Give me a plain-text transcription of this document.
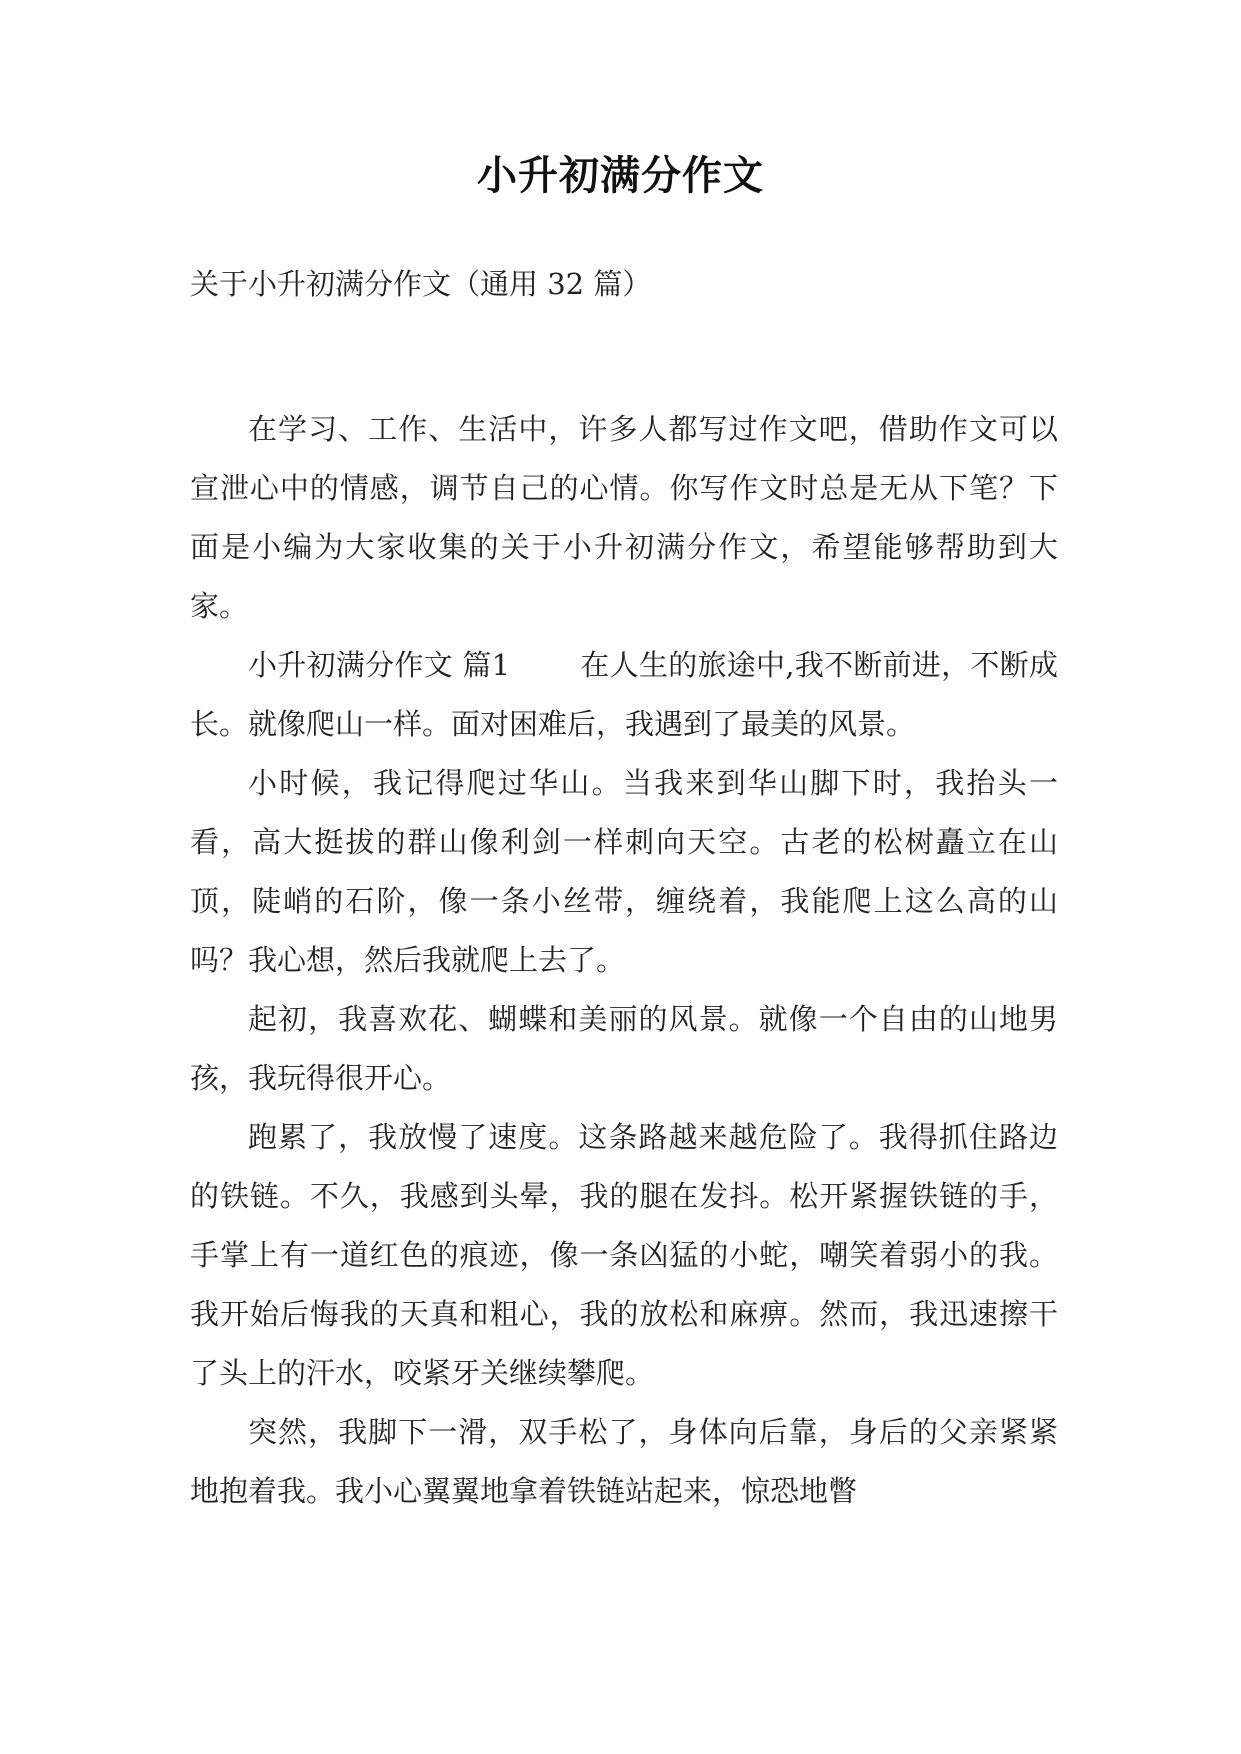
小升初满分作文
关于小升初满分作文（通用 32 篇）

在学习、工作、生活中，许多人都写过作文吧，借助作文可以宣泄心中的情感，调节自己的心情。你写作文时总是无从下笔？下面是小编为大家收集的关于小升初满分作文，希望能够帮助到大家。

小升初满分作文 篇1 在人生的旅途中,我不断前进，不断成长。就像爬山一样。面对困难后，我遇到了最美的风景。

小时候，我记得爬过华山。当我来到华山脚下时，我抬头一看，高大挺拔的群山像利剑一样刺向天空。古老的松树矗立在山顶，陡峭的石阶，像一条小丝带，缠绕着，我能爬上这么高的山吗？我心想，然后我就爬上去了。

起初，我喜欢花、蝴蝶和美丽的风景。就像一个自由的山地男孩，我玩得很开心。

跑累了，我放慢了速度。这条路越来越危险了。我得抓住路边的铁链。不久，我感到头晕，我的腿在发抖。松开紧握铁链的手，手掌上有一道红色的痕迹，像一条凶猛的小蛇，嘲笑着弱小的我。我开始后悔我的天真和粗心，我的放松和麻痹。然而，我迅速擦干了头上的汗水，咬紧牙关继续攀爬。

突然，我脚下一滑，双手松了，身体向后靠，身后的父亲紧紧地抱着我。我小心翼翼地拿着铁链站起来，惊恐地瞥
